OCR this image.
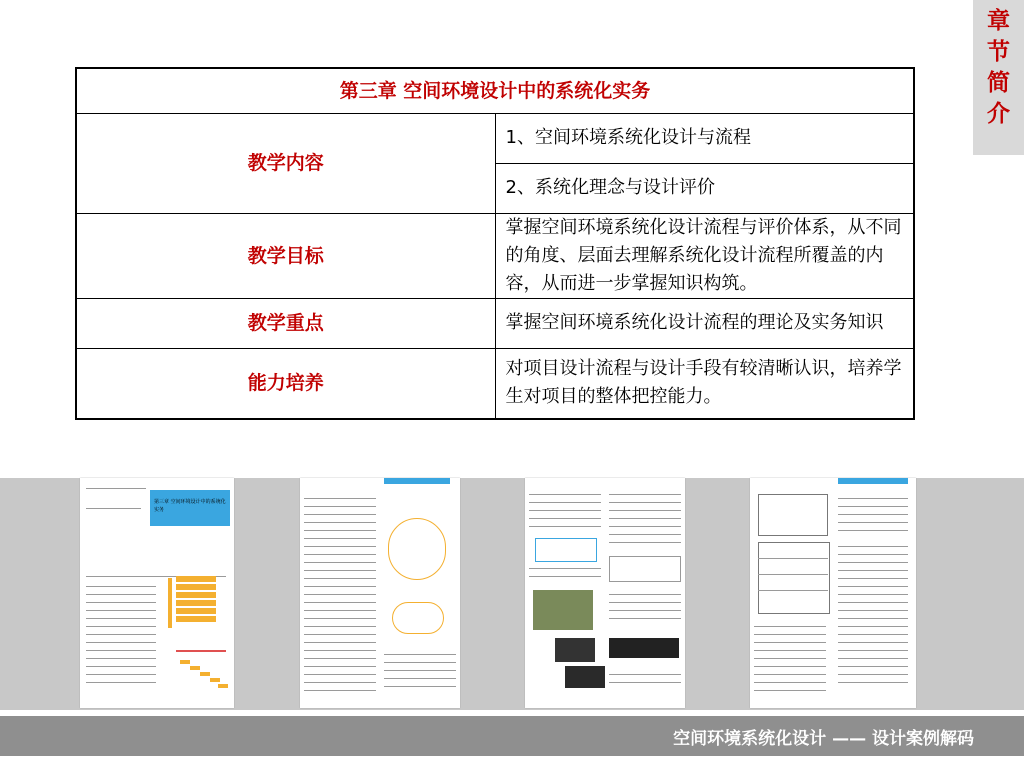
章
节
简
介
第三章 空间环境设计中的系统化实务	
教学内容	1、空间环境系统化设计与流程
	2、系统化理念与设计评价
教学目标	掌握空间环境系统化设计流程与评价体系，从不同的角度、层面去理解系统化设计流程所覆盖的内容，从而进一步掌握知识构筑。
教学重点	掌握空间环境系统化设计流程的理论及实务知识
能力培养	对项目设计流程与设计手段有较清晰认识，培养学生对项目的整体把控能力。
第三章 空间环境设计中的系统化实务
空间环境系统化设计 —— 设计案例解码
